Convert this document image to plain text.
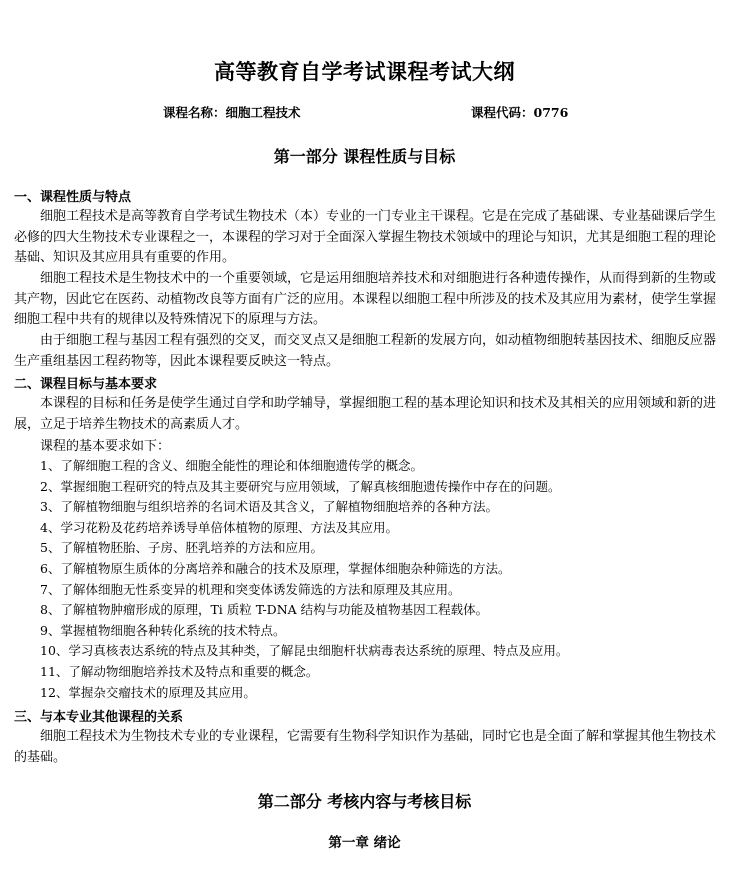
高等教育自学考试课程考试大纲
课程名称：细胞工程技术	课程代码：0776
第一部分 课程性质与目标
一、课程性质与特点
细胞工程技术是高等教育自学考试生物技术（本）专业的一门专业主干课程。它是在完成了基础课、专业基础课后学生必修的四大生物技术专业课程之一，本课程的学习对于全面深入掌握生物技术领域中的理论与知识，尤其是细胞工程的理论基础、知识及其应用具有重要的作用。
细胞工程技术是生物技术中的一个重要领域，它是运用细胞培养技术和对细胞进行各种遗传操作，从而得到新的生物或其产物，因此它在医药、动植物改良等方面有广泛的应用。本课程以细胞工程中所涉及的技术及其应用为素材，使学生掌握细胞工程中共有的规律以及特殊情况下的原理与方法。
由于细胞工程与基因工程有强烈的交叉，而交叉点又是细胞工程新的发展方向，如动植物细胞转基因技术、细胞反应器生产重组基因工程药物等，因此本课程要反映这一特点。
二、课程目标与基本要求
本课程的目标和任务是使学生通过自学和助学辅导，掌握细胞工程的基本理论知识和技术及其相关的应用领域和新的进展，立足于培养生物技术的高素质人才。
课程的基本要求如下：
1、了解细胞工程的含义、细胞全能性的理论和体细胞遗传学的概念。
2、掌握细胞工程研究的特点及其主要研究与应用领域，了解真核细胞遗传操作中存在的问题。
3、了解植物细胞与组织培养的名词术语及其含义，了解植物细胞培养的各种方法。
4、学习花粉及花药培养诱导单倍体植物的原理、方法及其应用。
5、了解植物胚胎、子房、胚乳培养的方法和应用。
6、了解植物原生质体的分离培养和融合的技术及原理，掌握体细胞杂种筛选的方法。
7、了解体细胞无性系变异的机理和突变体诱发筛选的方法和原理及其应用。
8、了解植物肿瘤形成的原理，Ti 质粒 T-DNA 结构与功能及植物基因工程载体。
9、掌握植物细胞各种转化系统的技术特点。
10、学习真核表达系统的特点及其种类，了解昆虫细胞杆状病毒表达系统的原理、特点及应用。
11、了解动物细胞培养技术及特点和重要的概念。
12、掌握杂交瘤技术的原理及其应用。
三、与本专业其他课程的关系
细胞工程技术为生物技术专业的专业课程，它需要有生物科学知识作为基础，同时它也是全面了解和掌握其他生物技术的基础。
第二部分 考核内容与考核目标
第一章 绪论
